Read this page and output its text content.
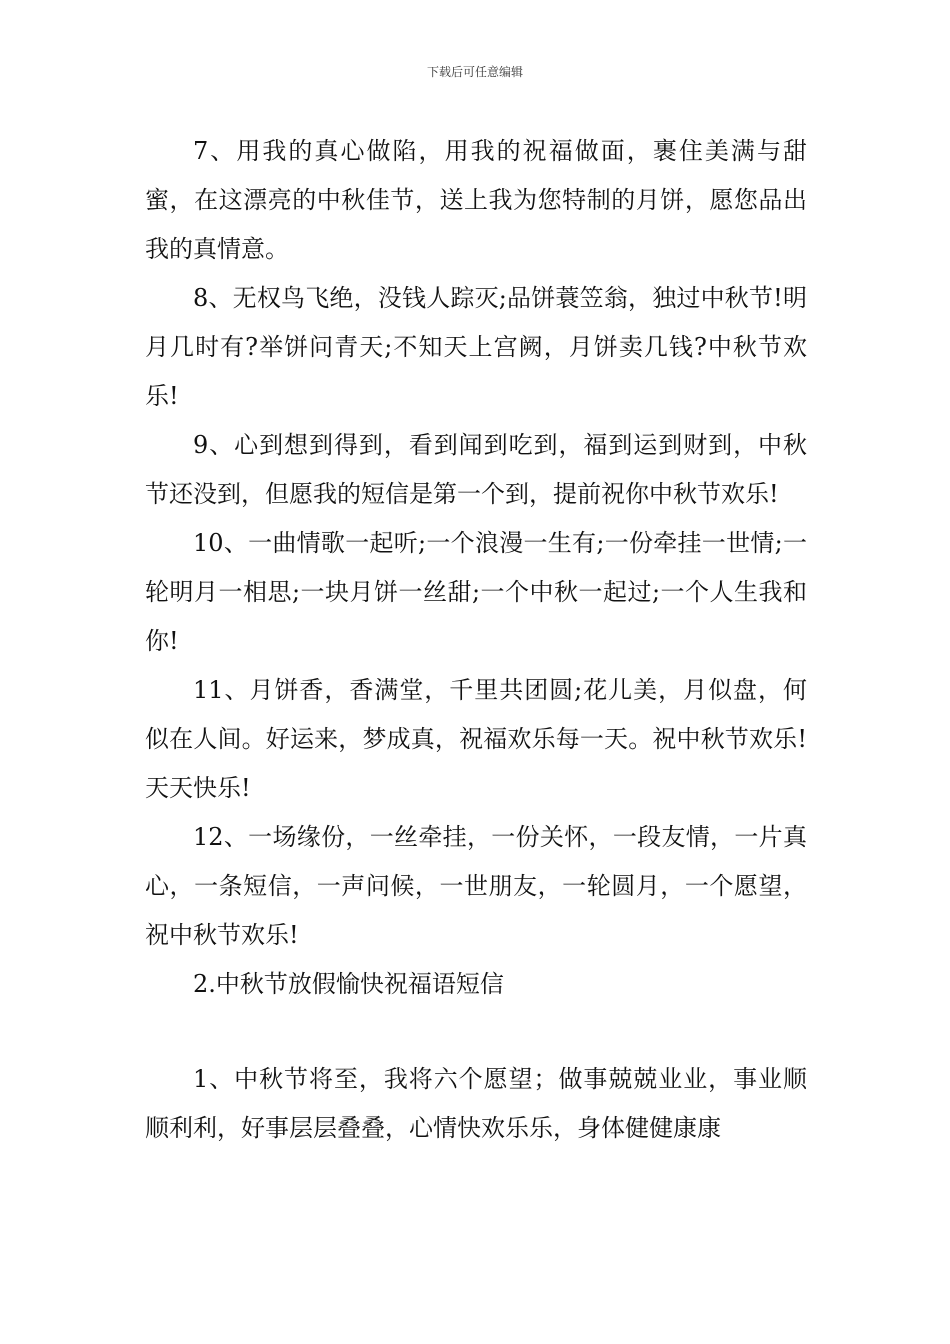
下载后可任意编辑

7、用我的真心做陷，用我的祝福做面，裹住美满与甜蜜，在这漂亮的中秋佳节，送上我为您特制的月饼，愿您品出我的真情意。

8、无权鸟飞绝，没钱人踪灭;品饼蓑笠翁，独过中秋节!明月几时有?举饼问青天;不知天上宫阙，月饼卖几钱?中秋节欢乐!

9、心到想到得到，看到闻到吃到，福到运到财到，中秋节还没到，但愿我的短信是第一个到，提前祝你中秋节欢乐!

10、一曲情歌一起听;一个浪漫一生有;一份牵挂一世情;一轮明月一相思;一块月饼一丝甜;一个中秋一起过;一个人生我和你!

11、月饼香，香满堂，千里共团圆;花儿美，月似盘，何似在人间。好运来，梦成真，祝福欢乐每一天。祝中秋节欢乐!天天快乐!

12、一场缘份，一丝牵挂，一份关怀，一段友情，一片真心，一条短信，一声问候，一世朋友，一轮圆月，一个愿望，祝中秋节欢乐!

2.中秋节放假愉快祝福语短信

1、中秋节将至，我将六个愿望；做事兢兢业业，事业顺顺利利，好事层层叠叠，心情快欢乐乐，身体健健康康
